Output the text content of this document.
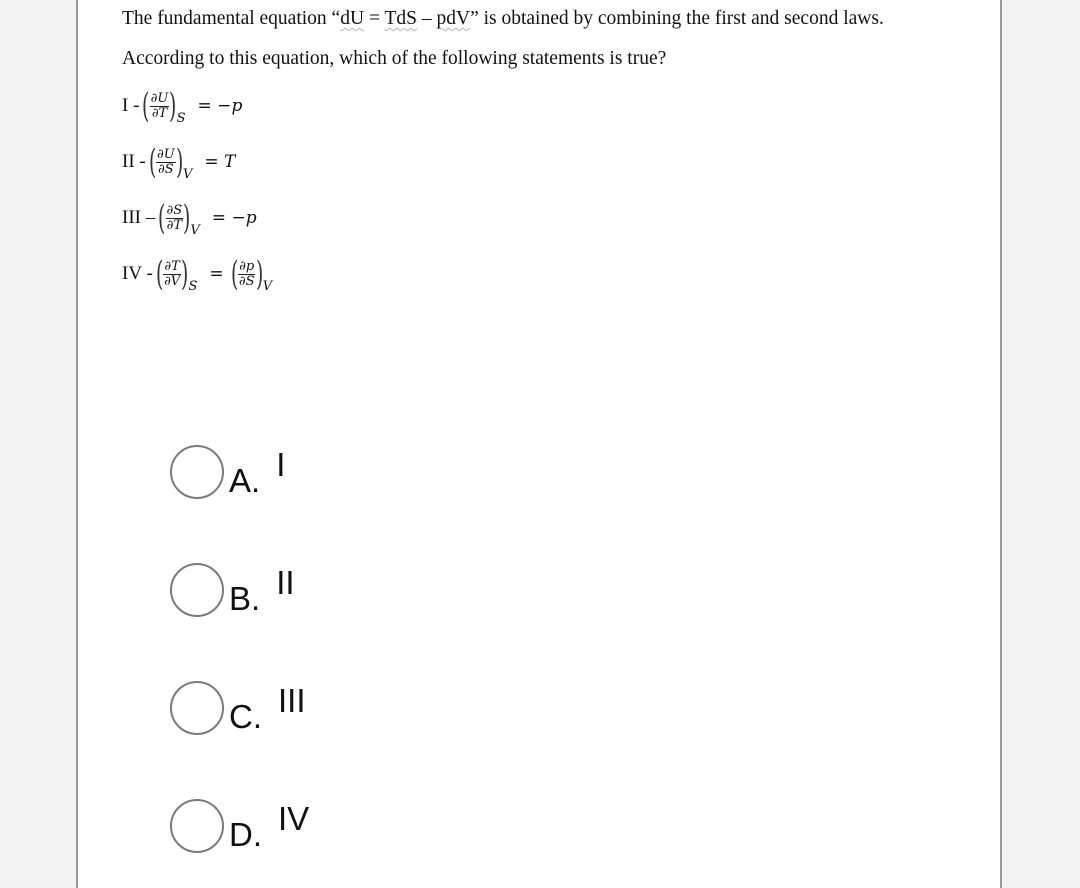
The fundamental equation “dU = TdS – pdV” is obtained by combining the first and second laws.
According to this equation, which of the following statements is true?
I - ( $\frac{\partial U}{\partial T}$ ) S
= −p
II - ( $\frac{\partial U}{\partial S}$ ) V
= T
III – ( $\frac{\partial S}{\partial T}$ ) V
= −p
IV - ( $\frac{\partial T}{\partial V}$ ) S
= ( $\frac{\partial p}{\partial S}$ ) V
A. I
B. II
C. III
D. IV
